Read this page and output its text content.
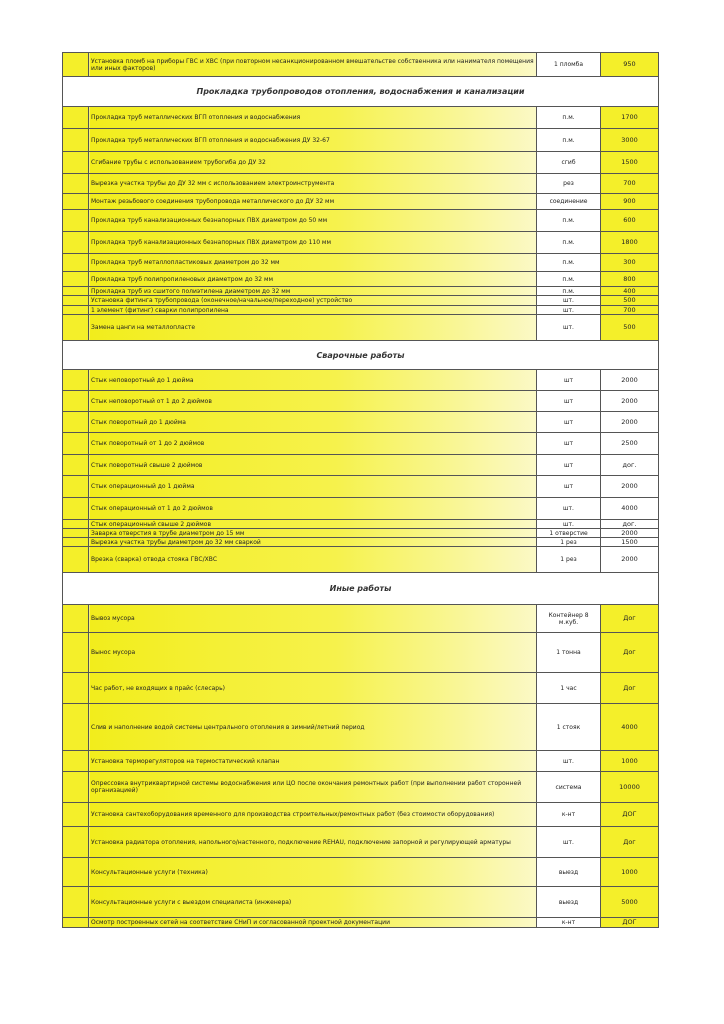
	Установка пломб на приборы ГВС и ХВС (при повторном несанкционированном вмешательстве собственника или нанимателя помещения или иных факторов)	1 пломба	950
Прокладка трубопроводов отопления, водоснабжения и канализации			
	Прокладка труб металлических ВГП отопления и водоснабжения	п.м.	1700
	Прокладка труб металлических ВГП отопления и водоснабжения ДУ 32-67	п.м.	3000
	Сгибание трубы с использованием трубогиба до ДУ 32	сгиб	1500
	Вырезка участка трубы до ДУ 32 мм с использованием электроинструмента	рез	700
	Монтаж резьбового соединения трубопровода металлического до ДУ 32 мм	соединение	900
	Прокладка труб канализационных безнапорных ПВХ диаметром до 50 мм	п.м.	600
	Прокладка труб канализационных безнапорных ПВХ диаметром до 110 мм	п.м.	1800
	Прокладка труб металлопластиковых диаметром до 32 мм	п.м.	300
	Прокладка труб полипропиленовых диаметром до 32 мм	п.м.	800
	Прокладка труб из сшитого полиэтилена диаметром до 32 мм	п.м.	400
	Установка фитинга трубопровода (оконечное/начальное/переходное) устройство	шт.	500
	1 элемент (фитинг) сварки полипропилена	шт.	700
	Замена цанги на металлопласте	шт.	500
Сварочные работы			
	Стык неповоротный до 1 дюйма	шт	2000
	Стык неповоротный от 1 до 2 дюймов	шт	2000
	Стык поворотный до 1 дюйма	шт	2000
	Стык поворотный от 1 до 2 дюймов	шт	2500
	Стык поворотный свыше 2 дюймов	шт	дог.
	Стык операционный до 1 дюйма	шт	2000
	Стык операционный от 1 до 2 дюймов	шт.	4000
	Стык операционный свыше 2 дюймов	шт.	дог.
	Заварка отверстия в трубе диаметром до 15 мм	1 отверстие	2000
	Вырезка участка трубы диаметром до 32 мм сваркой	1 рез	1500
	Врезка (сварка) отвода стояка ГВС/ХВС	1 рез	2000
Иные работы			
	Вывоз мусора	Контейнер 8 м.куб.	Дог
	Вынос мусора	1 тонна	Дог
	Час работ, не входящих в прайс (слесарь)	1 час	Дог
	Слив и наполнение водой системы центрального отопления в зимний/летний период	1 стояк	4000
	Установка терморегуляторов на термостатический клапан	шт.	1000
	Опрессовка внутриквартирной системы водоснабжения или ЦО после окончания ремонтных работ (при выполнении работ сторонней организацией)	система	10000
	Установка сантехоборудования временного для производства строительных/ремонтных работ (без стоимости оборудования)	к-нт	ДОГ
	Установка радиатора отопления, напольного/настенного, подключение REHAU, подключение запорной и регулирующей арматуры	шт.	Дог
	Консультационные услуги (техника)	выезд	1000
	Консультационные услуги с выездом специалиста (инженера)	выезд	5000
	Осмотр построенных сетей на соответствие СНиП и согласованной проектной документации	к-нт	ДОГ
